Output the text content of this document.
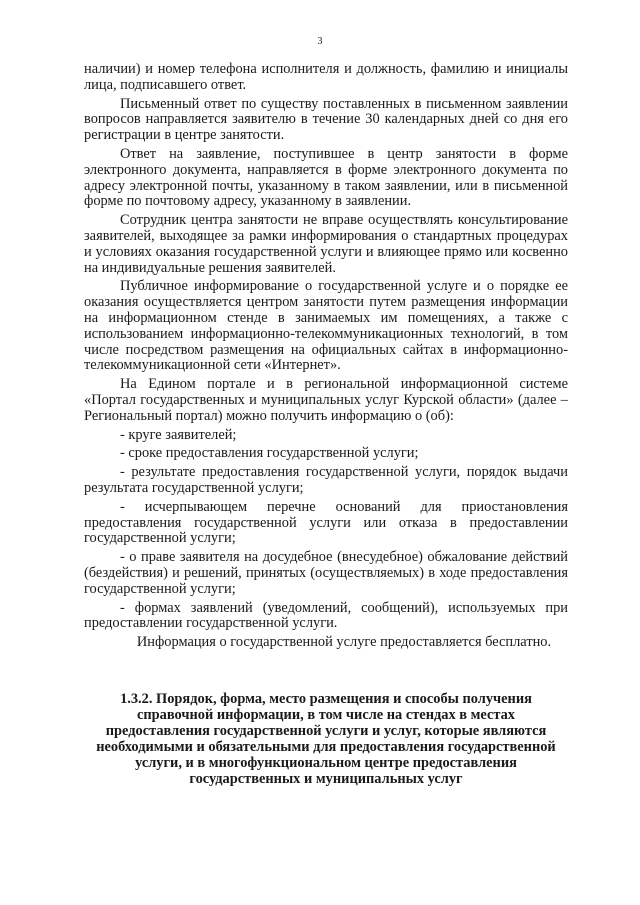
3

наличии) и номер телефона исполнителя и должность, фамилию и инициалы лица, подписавшего ответ.

Письменный ответ по существу поставленных в письменном заявлении вопросов направляется заявителю в течение 30 календарных дней со дня его регистрации в центре занятости.

Ответ на заявление, поступившее в центр занятости в форме электронного документа, направляется в форме электронного документа по адресу электронной почты, указанному в таком заявлении, или в письменной форме по почтовому адресу, указанному в заявлении.

Сотрудник центра занятости не вправе осуществлять консультирование заявителей, выходящее за рамки информирования о стандартных процедурах и условиях оказания государственной услуги и влияющее прямо или косвенно на индивидуальные решения заявителей.

Публичное информирование о государственной услуге и о порядке ее оказания осуществляется центром занятости путем размещения информации на информационном стенде в занимаемых им помещениях, а также с использованием информационно-телекоммуникационных технологий, в том числе посредством размещения на официальных сайтах в информационно-телекоммуникационной сети «Интернет».

На Едином портале и в региональной информационной системе «Портал государственных и муниципальных услуг Курской области» (далее – Региональный портал) можно получить информацию о (об):

- круге заявителей;

- сроке предоставления государственной услуги;

- результате предоставления государственной услуги, порядок выдачи результата государственной услуги;

- исчерпывающем перечне оснований для приостановления предоставления государственной услуги или отказа в предоставлении государственной услуги;

- о праве заявителя на досудебное (внесудебное) обжалование действий (бездействия) и решений, принятых (осуществляемых) в ходе предоставления государственной услуги;

- формах заявлений (уведомлений, сообщений), используемых при предоставлении государственной услуги.

Информация о государственной услуге предоставляется бесплатно.

1.3.2. Порядок, форма, место размещения и способы получения
справочной информации, в том числе на стендах в местах
предоставления государственной услуги и услуг, которые являются
необходимыми и обязательными для предоставления государственной
услуги, и в многофункциональном центре предоставления
государственных и муниципальных услуг
